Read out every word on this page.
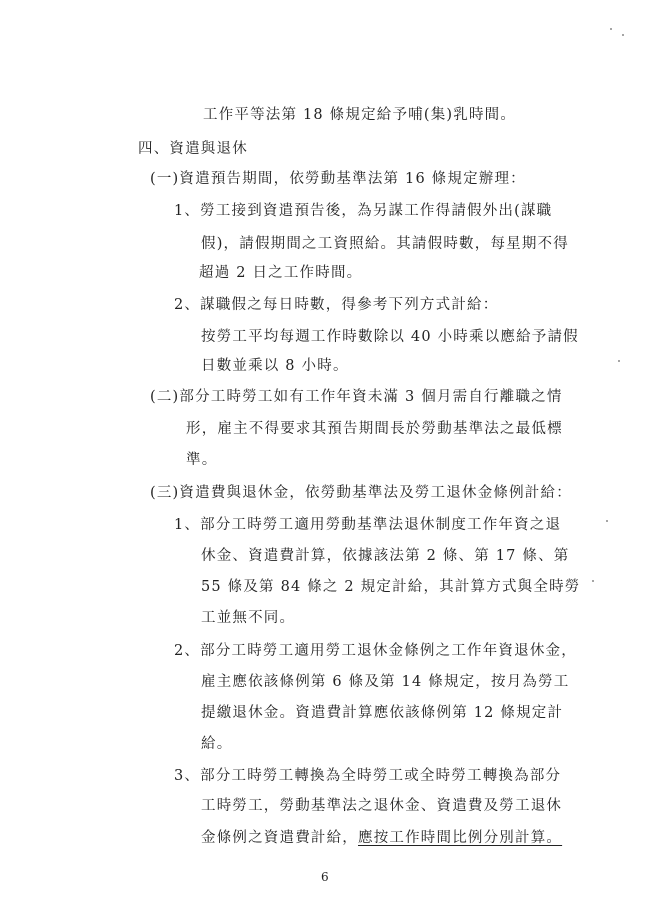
工作平等法第 18 條規定給予哺(集)乳時間。
四、資遣與退休
(一)資遣預告期間，依勞動基準法第 16 條規定辦理：
1、勞工接到資遣預告後，為另謀工作得請假外出(謀職
假)，請假期間之工資照給。其請假時數，每星期不得
超過 2 日之工作時間。
2、謀職假之每日時數，得參考下列方式計給：
按勞工平均每週工作時數除以 40 小時乘以應給予請假
日數並乘以 8 小時。
(二)部分工時勞工如有工作年資未滿 3 個月需自行離職之情
形，雇主不得要求其預告期間長於勞動基準法之最低標
準。
(三)資遣費與退休金，依勞動基準法及勞工退休金條例計給：
1、部分工時勞工適用勞動基準法退休制度工作年資之退
休金、資遣費計算，依據該法第 2 條、第 17 條、第
55 條及第 84 條之 2 規定計給，其計算方式與全時勞
工並無不同。
2、部分工時勞工適用勞工退休金條例之工作年資退休金，
雇主應依該條例第 6 條及第 14 條規定，按月為勞工
提繳退休金。資遣費計算應依該條例第 12 條規定計
給。
3、部分工時勞工轉換為全時勞工或全時勞工轉換為部分
工時勞工，勞動基準法之退休金、資遣費及勞工退休
金條例之資遣費計給，應按工作時間比例分別計算。
6
